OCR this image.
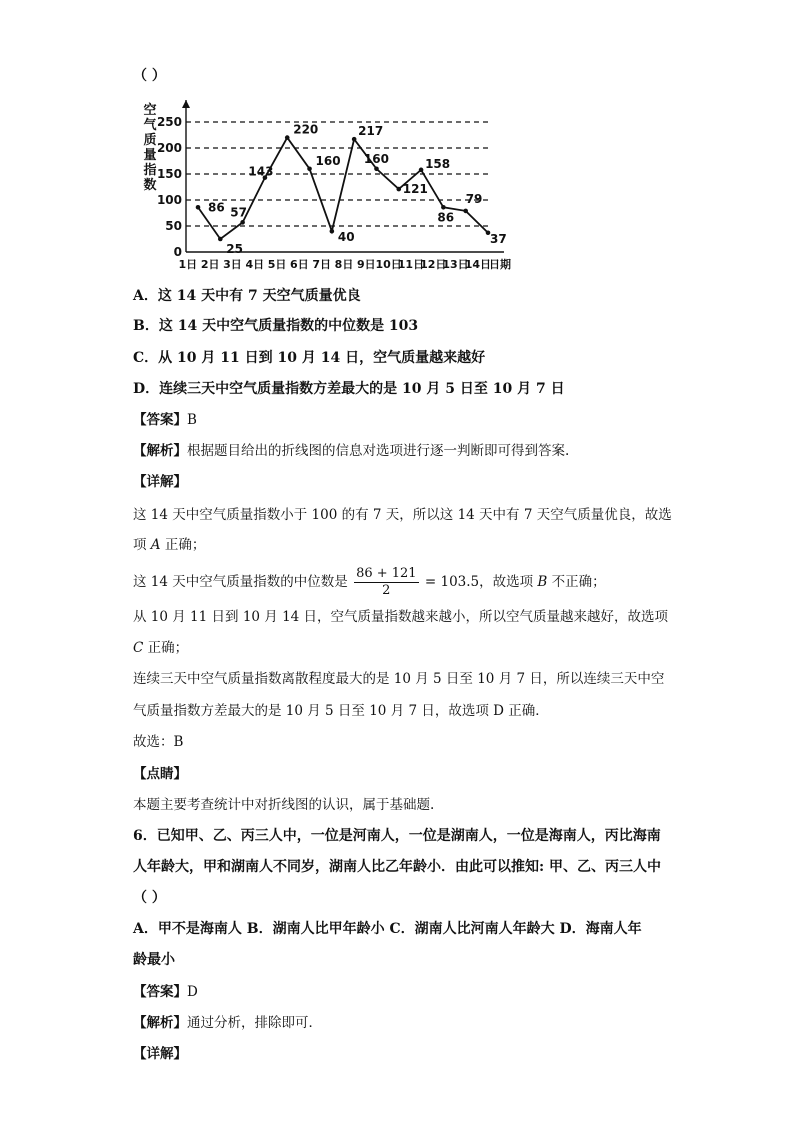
（ ）
空
气
质
量
指
数
0
50
100
150
200
250
1日 2日 3日 4日 5日 6日 7日 8日 9日 10日
11日
12日
13日
14日
日期
86
25
57
143
220
160
40
217
160
121
158
86
79
37
A．这 14 天中有 7 天空气质量优良
B．这 14 天中空气质量指数的中位数是 103
C．从 10 月 11 日到 10 月 14 日，空气质量越来越好
D．连续三天中空气质量指数方差最大的是 10 月 5 日至 10 月 7 日
【答案】B
【解析】根据题目给出的折线图的信息对选项进行逐一判断即可得到答案.
【详解】
这 14 天中空气质量指数小于 100 的有 7 天，所以这 14 天中有 7 天空气质量优良，故选
项 A 正确；
这 14 天中空气质量指数的中位数是 $\frac{86 + 121}{2} = 103.5$，故选项 B 不正确；
从 10 月 11 日到 10 月 14 日，空气质量指数越来越小，所以空气质量越来越好，故选项
C 正确；
连续三天中空气质量指数离散程度最大的是 10 月 5 日至 10 月 7 日，所以连续三天中空
气质量指数方差最大的是 10 月 5 日至 10 月 7 日，故选项 D 正确．
故选：B
【点睛】
本题主要考查统计中对折线图的认识，属于基础题.
6．已知甲、乙、丙三人中，一位是河南人，一位是湖南人，一位是海南人，丙比海南
人年龄大，甲和湖南人不同岁，湖南人比乙年龄小．由此可以推知: 甲、乙、丙三人中
（ ）
A．甲不是海南人 B．湖南人比甲年龄小 C．湖南人比河南人年龄大 D．海南人年
龄最小
【答案】D
【解析】通过分析，排除即可．
【详解】
